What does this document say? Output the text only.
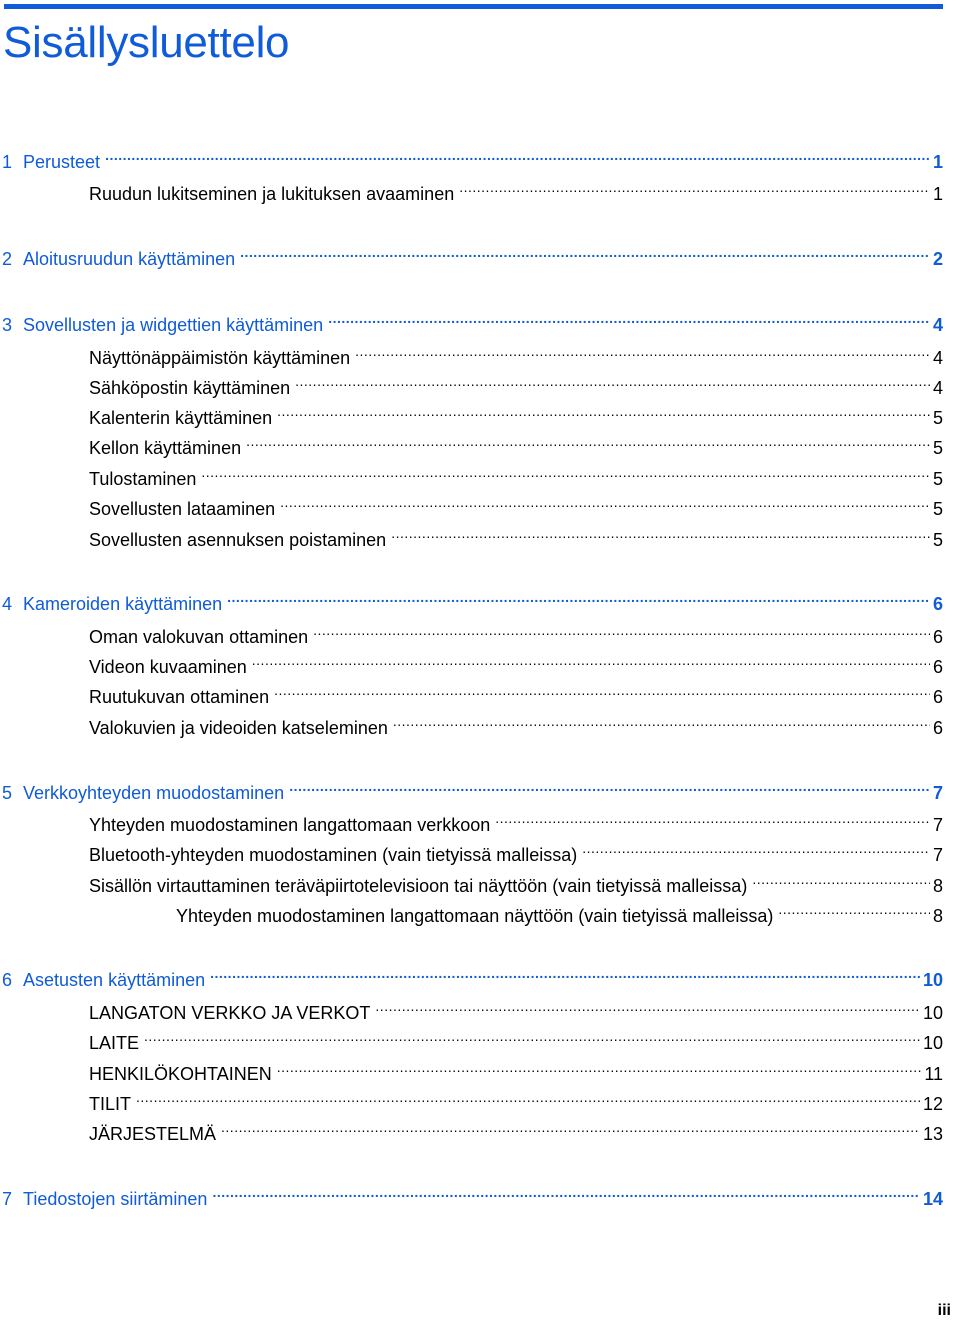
Sisällysluettelo
1 Perusteet .....	1
Ruudun lukitseminen ja lukituksen avaaminen .....	1
2 Aloitusruudun käyttäminen .....	2
3 Sovellusten ja widgettien käyttäminen .....	4
Näyttönäppäimistön käyttäminen .....	4
Sähköpostin käyttäminen .....	4
Kalenterin käyttäminen .....	5
Kellon käyttäminen .....	5
Tulostaminen .....	5
Sovellusten lataaminen .....	5
Sovellusten asennuksen poistaminen .....	5
4 Kameroiden käyttäminen .....	6
Oman valokuvan ottaminen .....	6
Videon kuvaaminen .....	6
Ruutukuvan ottaminen .....	6
Valokuvien ja videoiden katseleminen .....	6
5 Verkkoyhteyden muodostaminen .....	7
Yhteyden muodostaminen langattomaan verkkoon .....	7
Bluetooth-yhteyden muodostaminen (vain tietyissä malleissa) .....	7
Sisällön virtauttaminen teräväpiirtotelevisioon tai näyttöön (vain tietyissä malleissa) .....	8
Yhteyden muodostaminen langattomaan näyttöön (vain tietyissä malleissa) .....	8
6 Asetusten käyttäminen .....	10
LANGATON VERKKO JA VERKOT .....	10
LAITE .....	10
HENKILÖKOHTAINEN .....	11
TILIT .....	12
JÄRJESTELMÄ .....	13
7 Tiedostojen siirtäminen .....	14
iii
